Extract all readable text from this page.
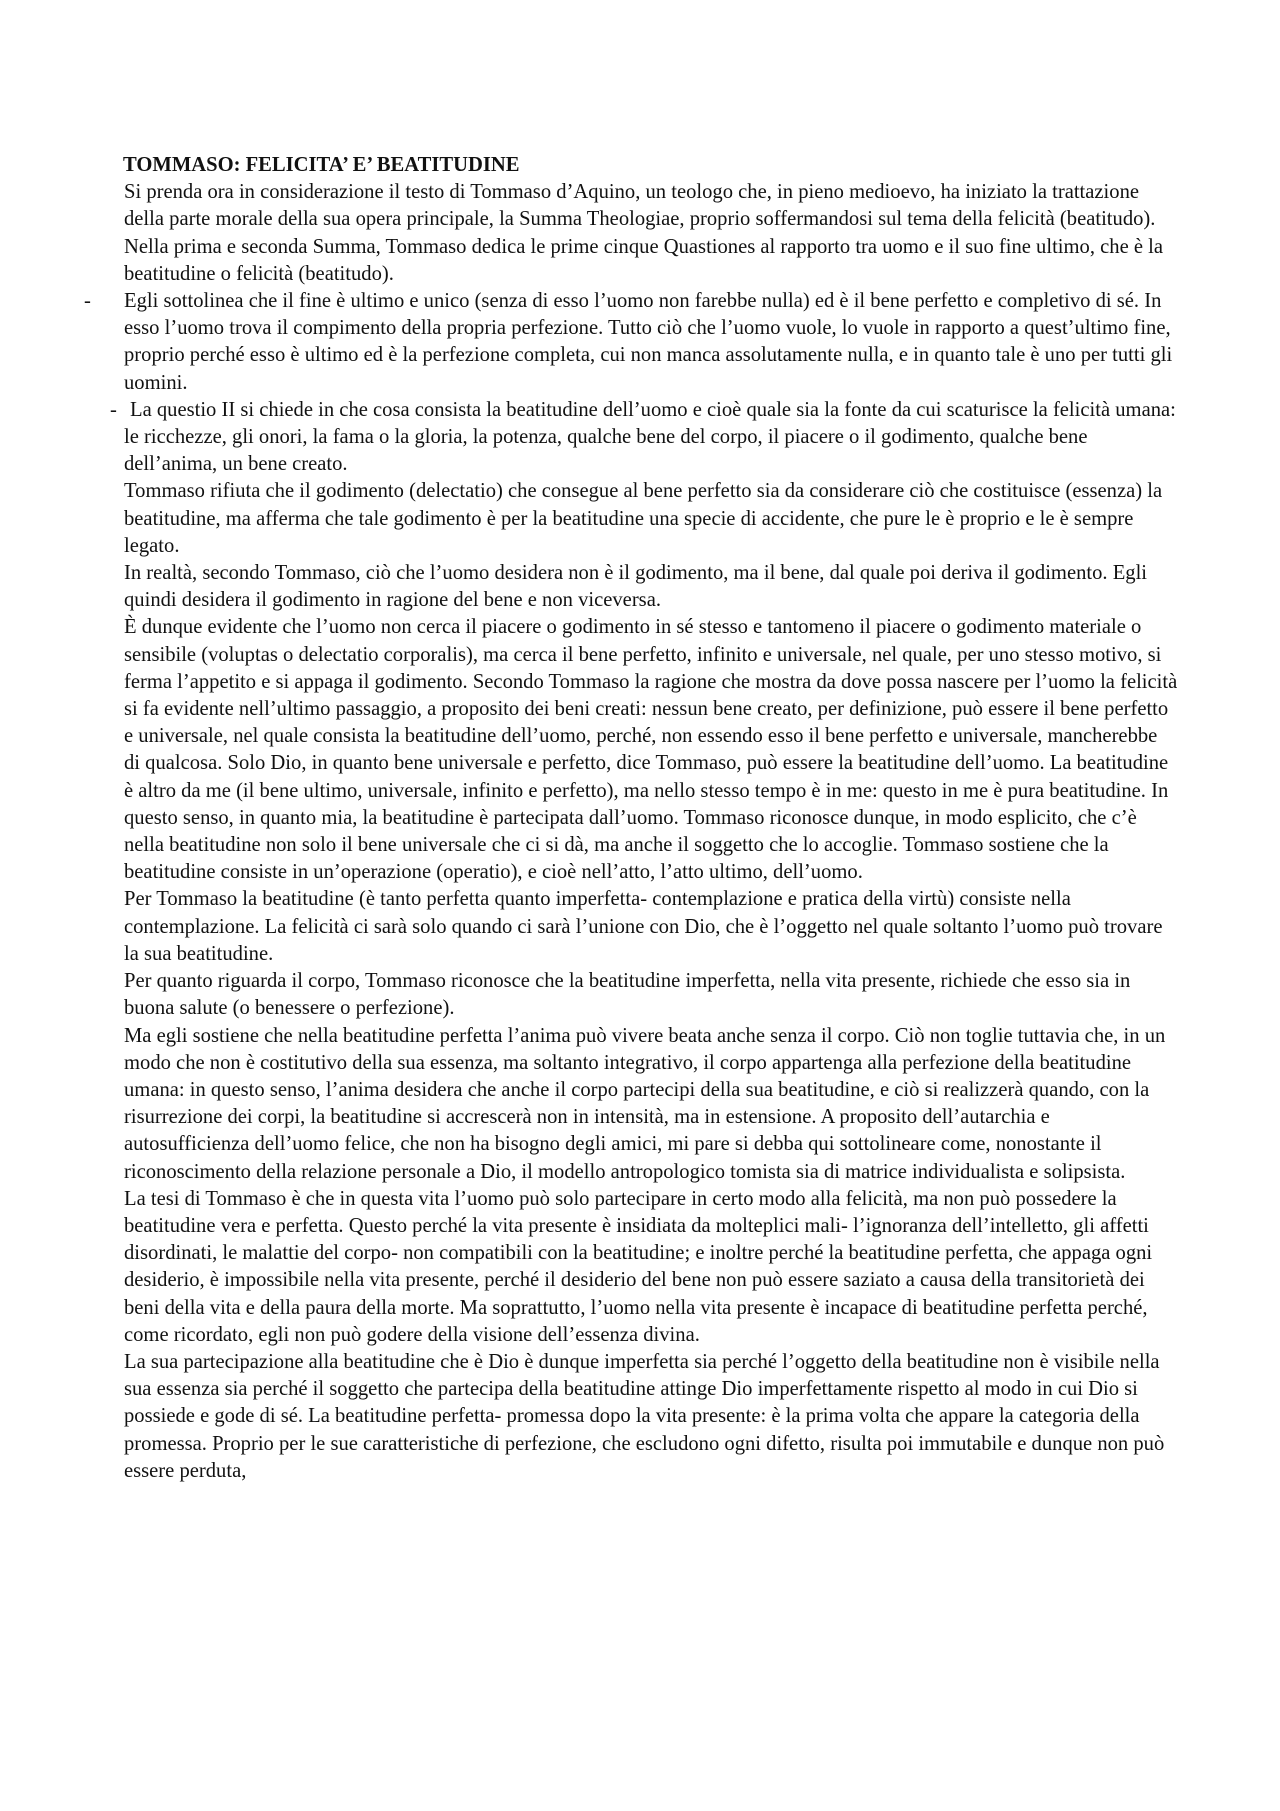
TOMMASO: FELICITA’ E’ BEATITUDINE

Si prenda ora in considerazione il testo di Tommaso d’Aquino, un teologo che, in pieno medioevo, ha iniziato la trattazione della parte morale della sua opera principale, la Summa Theologiae, proprio soffermandosi sul tema della felicità (beatitudo).

Nella prima e seconda Summa, Tommaso dedica le prime cinque Quastiones al rapporto tra uomo e il suo fine ultimo, che è la beatitudine o felicità (beatitudo).

- Egli sottolinea che il fine è ultimo e unico (senza di esso l’uomo non farebbe nulla) ed è il bene perfetto e completivo di sé. In esso l’uomo trova il compimento della propria perfezione. Tutto ciò che l’uomo vuole, lo vuole in rapporto a quest’ultimo fine, proprio perché esso è ultimo ed è la perfezione completa, cui non manca assolutamente nulla, e in quanto tale è uno per tutti gli uomini.

- La questio II si chiede in che cosa consista la beatitudine dell’uomo e cioè quale sia la fonte da cui scaturisce la felicità umana: le ricchezze, gli onori, la fama o la gloria, la potenza, qualche bene del corpo, il piacere o il godimento, qualche bene dell’anima, un bene creato.

Tommaso rifiuta che il godimento (delectatio) che consegue al bene perfetto sia da considerare ciò che costituisce (essenza) la beatitudine, ma afferma che tale godimento è per la beatitudine una specie di accidente, che pure le è proprio e le è sempre legato.

In realtà, secondo Tommaso, ciò che l’uomo desidera non è il godimento, ma il bene, dal quale poi deriva il godimento. Egli quindi desidera il godimento in ragione del bene e non viceversa.

È dunque evidente che l’uomo non cerca il piacere o godimento in sé stesso e tantomeno il piacere o godimento materiale o sensibile (voluptas o delectatio corporalis), ma cerca il bene perfetto, infinito e universale, nel quale, per uno stesso motivo, si ferma l’appetito e si appaga il godimento. Secondo Tommaso la ragione che mostra da dove possa nascere per l’uomo la felicità si fa evidente nell’ultimo passaggio, a proposito dei beni creati: nessun bene creato, per definizione, può essere il bene perfetto e universale, nel quale consista la beatitudine dell’uomo, perché, non essendo esso il bene perfetto e universale, mancherebbe di qualcosa. Solo Dio, in quanto bene universale e perfetto, dice Tommaso, può essere la beatitudine dell’uomo. La beatitudine è altro da me (il bene ultimo, universale, infinito e perfetto), ma nello stesso tempo è in me: questo in me è pura beatitudine. In questo senso, in quanto mia, la beatitudine è partecipata dall’uomo. Tommaso riconosce dunque, in modo esplicito, che c’è nella beatitudine non solo il bene universale che ci si dà, ma anche il soggetto che lo accoglie. Tommaso sostiene che la beatitudine consiste in un’operazione (operatio), e cioè nell’atto, l’atto ultimo, dell’uomo.

Per Tommaso la beatitudine (è tanto perfetta quanto imperfetta- contemplazione e pratica della virtù) consiste nella contemplazione. La felicità ci sarà solo quando ci sarà l’unione con Dio, che è l’oggetto nel quale soltanto l’uomo può trovare la sua beatitudine.

Per quanto riguarda il corpo, Tommaso riconosce che la beatitudine imperfetta, nella vita presente, richiede che esso sia in buona salute (o benessere o perfezione).

Ma egli sostiene che nella beatitudine perfetta l’anima può vivere beata anche senza il corpo. Ciò non toglie tuttavia che, in un modo che non è costitutivo della sua essenza, ma soltanto integrativo, il corpo appartenga alla perfezione della beatitudine umana: in questo senso, l’anima desidera che anche il corpo partecipi della sua beatitudine, e ciò si realizzerà quando, con la risurrezione dei corpi, la beatitudine si accrescerà non in intensità, ma in estensione. A proposito dell’autarchia e autosufficienza dell’uomo felice, che non ha bisogno degli amici, mi pare si debba qui sottolineare come, nonostante il riconoscimento della relazione personale a Dio, il modello antropologico tomista sia di matrice individualista e solipsista.

La tesi di Tommaso è che in questa vita l’uomo può solo partecipare in certo modo alla felicità, ma non può possedere la beatitudine vera e perfetta. Questo perché la vita presente è insidiata da molteplici mali- l’ignoranza dell’intelletto, gli affetti disordinati, le malattie del corpo- non compatibili con la beatitudine; e inoltre perché la beatitudine perfetta, che appaga ogni desiderio, è impossibile nella vita presente, perché il desiderio del bene non può essere saziato a causa della transitorietà dei beni della vita e della paura della morte. Ma soprattutto, l’uomo nella vita presente è incapace di beatitudine perfetta perché, come ricordato, egli non può godere della visione dell’essenza divina.

La sua partecipazione alla beatitudine che è Dio è dunque imperfetta sia perché l’oggetto della beatitudine non è visibile nella sua essenza sia perché il soggetto che partecipa della beatitudine attinge Dio imperfettamente rispetto al modo in cui Dio si possiede e gode di sé. La beatitudine perfetta- promessa dopo la vita presente: è la prima volta che appare la categoria della promessa. Proprio per le sue caratteristiche di perfezione, che escludono ogni difetto, risulta poi immutabile e dunque non può essere perduta,
